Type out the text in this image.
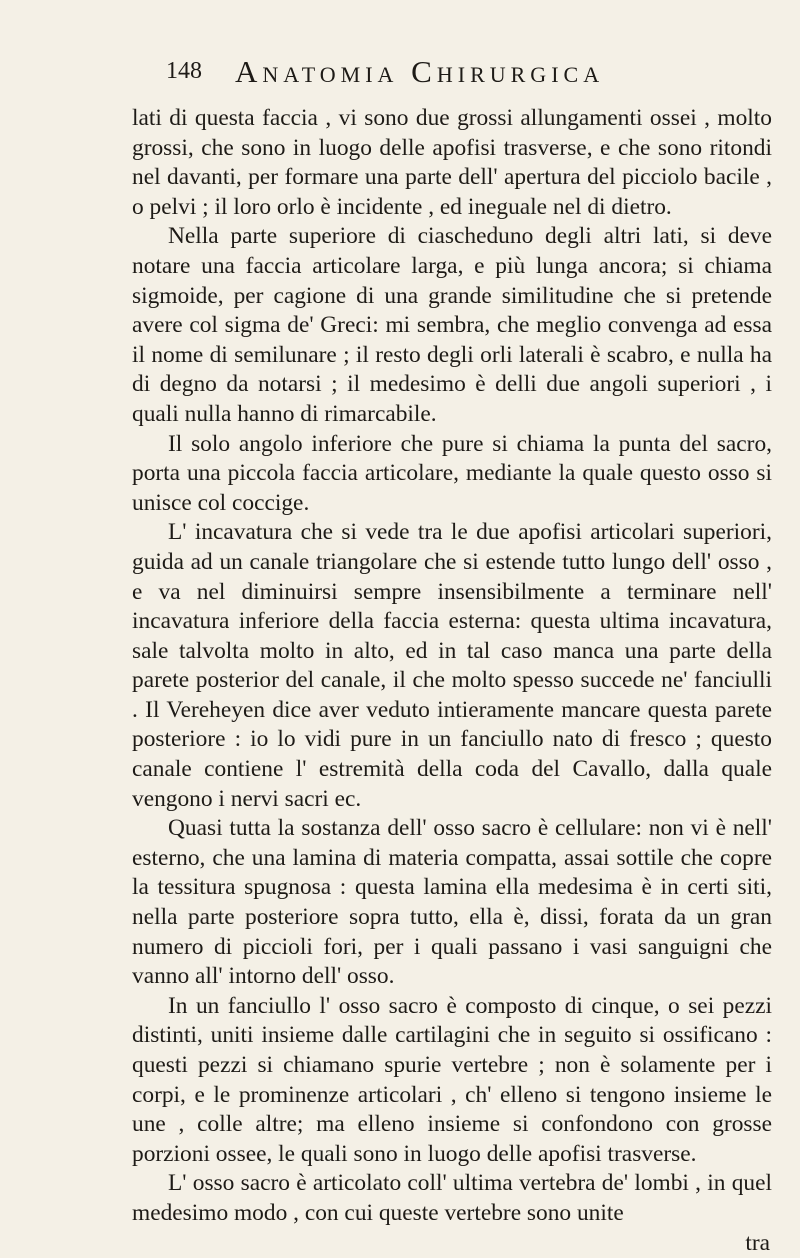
148 Anatomia Chirurgica

lati di questa faccia , vi sono due grossi allungamenti ossei , molto grossi, che sono in luogo delle apofisi trasverse, e che sono ritondi nel davanti, per formare una parte dell' apertura del picciolo bacile , o pelvi ; il loro orlo è incidente , ed ineguale nel di dietro.

Nella parte superiore di ciascheduno degli altri lati, si deve notare una faccia articolare larga, e più lunga ancora; si chiama sigmoide, per cagione di una grande similitudine che si pretende avere col sigma de' Greci: mi sembra, che meglio convenga ad essa il nome di semilunare ; il resto degli orli laterali è scabro, e nulla ha di degno da notarsi ; il medesimo è delli due angoli superiori , i quali nulla hanno di rimarcabile.

Il solo angolo inferiore che pure si chiama la punta del sacro, porta una piccola faccia articolare, mediante la quale questo osso si unisce col coccige.

L' incavatura che si vede tra le due apofisi articolari superiori, guida ad un canale triangolare che si estende tutto lungo dell' osso , e va nel diminuirsi sempre insensibilmente a terminare nell' incavatura inferiore della faccia esterna: questa ultima incavatura, sale talvolta molto in alto, ed in tal caso manca una parte della parete posterior del canale, il che molto spesso succede ne' fanciulli . Il Vereheyen dice aver veduto intieramente mancare questa parete posteriore : io lo vidi pure in un fanciullo nato di fresco ; questo canale contiene l' estremità della coda del Cavallo, dalla quale vengono i nervi sacri ec.

Quasi tutta la sostanza dell' osso sacro è cellulare: non vi è nell' esterno, che una lamina di materia compatta, assai sottile che copre la tessitura spugnosa : questa lamina ella medesima è in certi siti, nella parte posteriore sopra tutto, ella è, dissi, forata da un gran numero di piccioli fori, per i quali passano i vasi sanguigni che vanno all' intorno dell' osso.

In un fanciullo l' osso sacro è composto di cinque, o sei pezzi distinti, uniti insieme dalle cartilagini che in seguito si ossificano : questi pezzi si chiamano spurie vertebre ; non è solamente per i corpi, e le prominenze articolari , ch' elleno si tengono insieme le une , colle altre; ma elleno insieme si confondono con grosse porzioni ossee, le quali sono in luogo delle apofisi trasverse.

L' osso sacro è articolato coll' ultima vertebra de' lombi , in quel medesimo modo , con cui queste vertebre sono unite

tra
